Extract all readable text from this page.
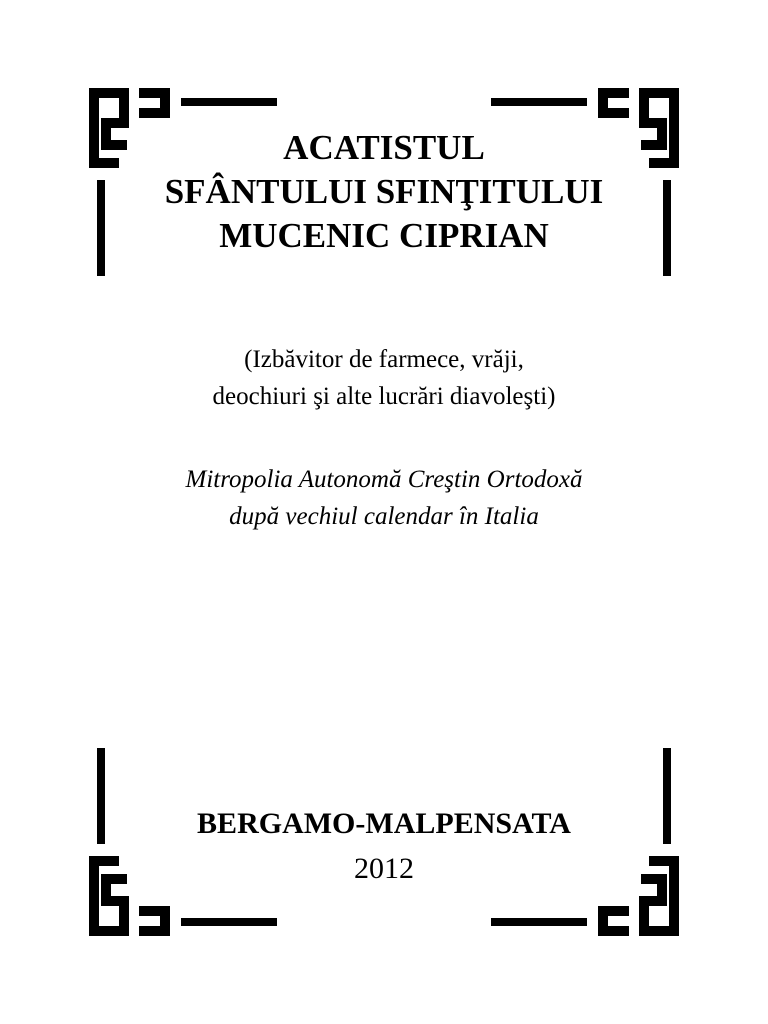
ACATISTUL
SFÂNTULUI SFINŢITULUI
MUCENIC CIPRIAN
(Izbăvitor de farmece, vrăji,
deochiuri şi alte lucrări diavoleşti)
Mitropolia Autonomă Creştin Ortodoxă
după vechiul calendar în Italia
BERGAMO-MALPENSATA
2012
